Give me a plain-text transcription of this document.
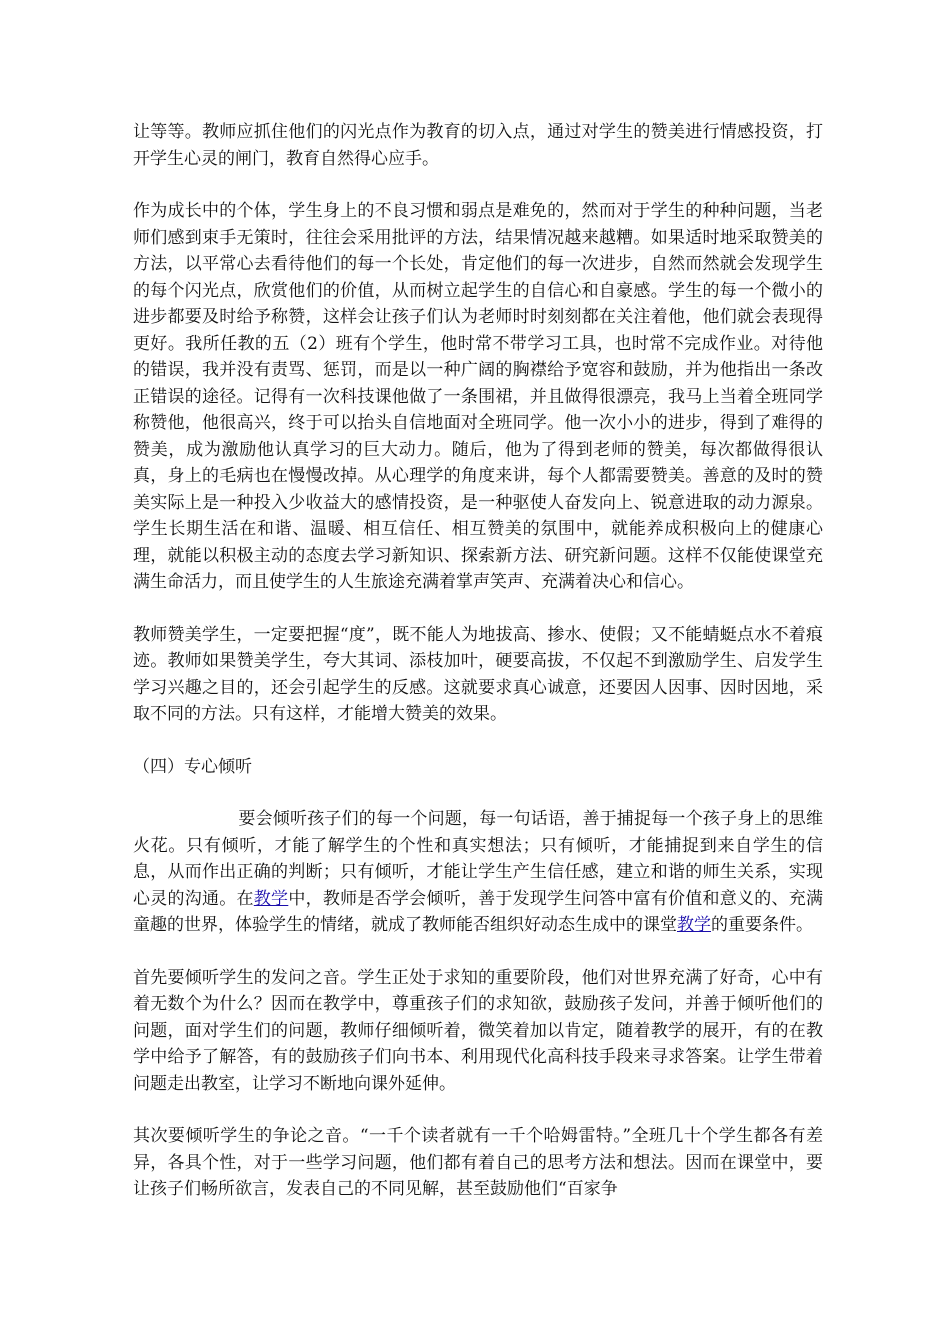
让等等。教师应抓住他们的闪光点作为教育的切入点，通过对学生的赞美进行情感投资，打开学生心灵的闸门，教育自然得心应手。

作为成长中的个体，学生身上的不良习惯和弱点是难免的，然而对于学生的种种问题，当老师们感到束手无策时，往往会采用批评的方法，结果情况越来越糟。如果适时地采取赞美的方法，以平常心去看待他们的每一个长处，肯定他们的每一次进步，自然而然就会发现学生的每个闪光点，欣赏他们的价值，从而树立起学生的自信心和自豪感。学生的每一个微小的进步都要及时给予称赞，这样会让孩子们认为老师时时刻刻都在关注着他，他们就会表现得更好。我所任教的五（2）班有个学生，他时常不带学习工具，也时常不完成作业。对待他的错误，我并没有责骂、惩罚，而是以一种广阔的胸襟给予宽容和鼓励，并为他指出一条改正错误的途径。记得有一次科技课他做了一条围裙，并且做得很漂亮，我马上当着全班同学称赞他，他很高兴，终于可以抬头自信地面对全班同学。他一次小小的进步，得到了难得的赞美，成为激励他认真学习的巨大动力。随后，他为了得到老师的赞美，每次都做得很认真，身上的毛病也在慢慢改掉。从心理学的角度来讲，每个人都需要赞美。善意的及时的赞美实际上是一种投入少收益大的感情投资，是一种驱使人奋发向上、锐意进取的动力源泉。学生长期生活在和谐、温暖、相互信任、相互赞美的氛围中，就能养成积极向上的健康心理，就能以积极主动的态度去学习新知识、探索新方法、研究新问题。这样不仅能使课堂充满生命活力，而且使学生的人生旅途充满着掌声笑声、充满着决心和信心。

教师赞美学生，一定要把握“度”，既不能人为地拔高、掺水、使假；又不能蜻蜓点水不着痕迹。教师如果赞美学生，夸大其词、添枝加叶，硬要高拔，不仅起不到激励学生、启发学生学习兴趣之目的，还会引起学生的反感。这就要求真心诚意，还要因人因事、因时因地，采取不同的方法。只有这样，才能增大赞美的效果。

（四）专心倾听

要会倾听孩子们的每一个问题，每一句话语，善于捕捉每一个孩子身上的思维火花。只有倾听，才能了解学生的个性和真实想法；只有倾听，才能捕捉到来自学生的信息，从而作出正确的判断；只有倾听，才能让学生产生信任感，建立和谐的师生关系，实现心灵的沟通。在教学中，教师是否学会倾听，善于发现学生问答中富有价值和意义的、充满童趣的世界，体验学生的情绪，就成了教师能否组织好动态生成中的课堂教学的重要条件。

首先要倾听学生的发问之音。学生正处于求知的重要阶段，他们对世界充满了好奇，心中有着无数个为什么？因而在教学中，尊重孩子们的求知欲，鼓励孩子发问，并善于倾听他们的问题，面对学生们的问题，教师仔细倾听着，微笑着加以肯定，随着教学的展开，有的在教学中给予了解答，有的鼓励孩子们向书本、利用现代化高科技手段来寻求答案。让学生带着问题走出教室，让学习不断地向课外延伸。

其次要倾听学生的争论之音。“一千个读者就有一千个哈姆雷特。”全班几十个学生都各有差异，各具个性，对于一些学习问题，他们都有着自己的思考方法和想法。因而在课堂中，要让孩子们畅所欲言，发表自己的不同见解，甚至鼓励他们“百家争
